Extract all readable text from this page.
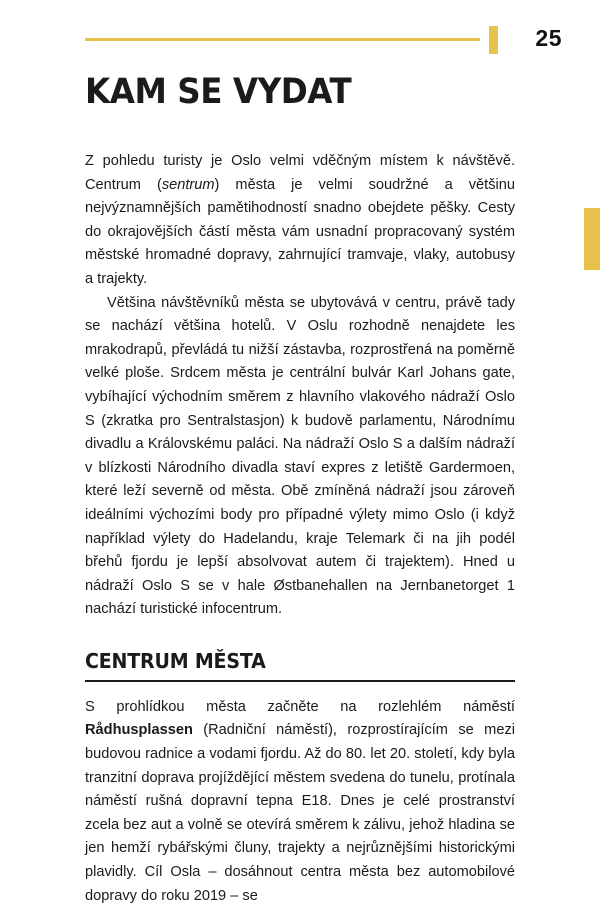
25
KAM SE VYDAT

Z pohledu turisty je Oslo velmi vděčným místem k návštěvě. Centrum (sentrum) města je velmi soudržné a většinu nejvýznamnějších pamětihodností snadno obejdete pěšky. Cesty do okrajovějších částí města vám usnadní propracovaný systém městské hromadné dopravy, zahrnující tramvaje, vlaky, autobusy a trajekty.

Většina návštěvníků města se ubytovává v centru, právě tady se nachází většina hotelů. V Oslu rozhodně nenajdete les mrakodrapů, převládá tu nižší zástavba, rozprostřená na poměrně velké ploše. Srdcem města je centrální bulvár Karl Johans gate, vybíhající východním směrem z hlavního vlakového nádraží Oslo S (zkratka pro Sentralstasjon) k budově parlamentu, Národnímu divadlu a Královskému paláci. Na nádraží Oslo S a dalším nádraží v blízkosti Národního divadla staví expres z letiště Gardermoen, které leží severně od města. Obě zmíněná nádraží jsou zároveň ideálními výchozími body pro případné výlety mimo Oslo (i když například výlety do Hadelandu, kraje Telemark či na jih podél břehů fjordu je lepší absolvovat autem či trajektem). Hned u nádraží Oslo S se v hale Østbanehallen na Jernbanetorget 1 nachází turistické infocentrum.

CENTRUM MĚSTA

S prohlídkou města začněte na rozlehlém náměstí Rådhusplassen (Radniční náměstí), rozprostírajícím se mezi budovou radnice a vodami fjordu. Až do 80. let 20. století, kdy byla tranzitní doprava projíždějící městem svedena do tunelu, protínala náměstí rušná dopravní tepna E18. Dnes je celé prostranství zcela bez aut a volně se otevírá směrem k zálivu, jehož hladina se jen hemží rybářskými čluny, trajekty a nejrůznějšími historickými plavidly. Cíl Osla – dosáhnout centra města bez automobilové dopravy do roku 2019 – se
